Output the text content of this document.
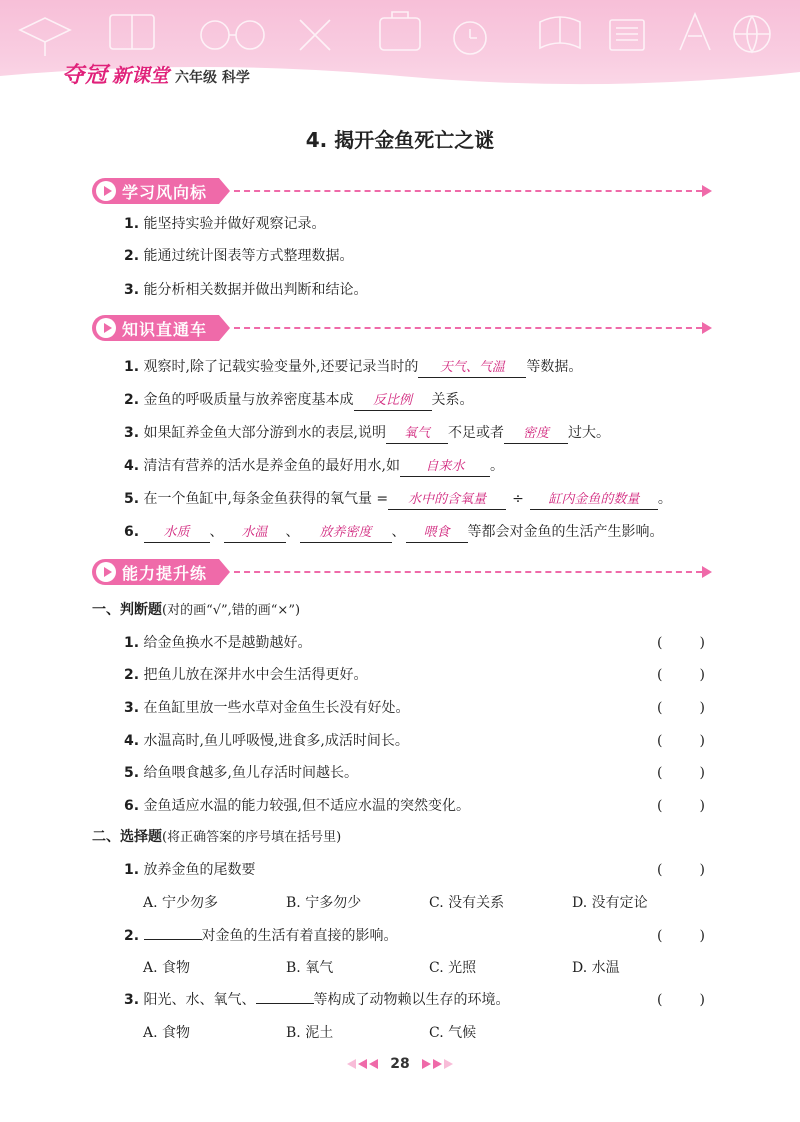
夺冠 新课堂 六年级 科学
4. 揭开金鱼死亡之谜
学习风向标
1. 能坚持实验并做好观察记录。
2. 能通过统计图表等方式整理数据。
3. 能分析相关数据并做出判断和结论。
知识直通车
1. 观察时,除了记载实验变量外,还要记录当时的 天气、气温 等数据。
2. 金鱼的呼吸质量与放养密度基本成 反比例 关系。
3. 如果缸养金鱼大部分游到水的表层,说明 氧气 不足或者 密度 过大。
4. 清洁有营养的活水是养金鱼的最好用水,如 自来水 。
5. 在一个鱼缸中,每条金鱼获得的氧气量 = 水中的含氧量 ÷ 缸内金鱼的数量 。
6. 水质 、 水温 、 放养密度 、 喂食 等都会对金鱼的生活产生影响。
能力提升练
一、判断题(对的画“√”,错的画“×”)
1. 给金鱼换水不是越勤越好。	(	)
2. 把鱼儿放在深井水中会生活得更好。	(	)
3. 在鱼缸里放一些水草对金鱼生长没有好处。	(	)
4. 水温高时,鱼儿呼吸慢,进食多,成活时间长。	(	)
5. 给鱼喂食越多,鱼儿存活时间越长。	(	)
6. 金鱼适应水温的能力较强,但不适应水温的突然变化。	(	)
二、选择题(将正确答案的序号填在括号里)
1. 放养金鱼的尾数要	(	)
A. 宁少勿多	B. 宁多勿少	C. 没有关系	D. 没有定论
2.	对金鱼的生活有着直接的影响。	(	)
A. 食物	B. 氧气	C. 光照	D. 水温
3. 阳光、水、氧气、	等构成了动物赖以生存的环境。	(	)
A. 食物	B. 泥土	C. 气候
28
